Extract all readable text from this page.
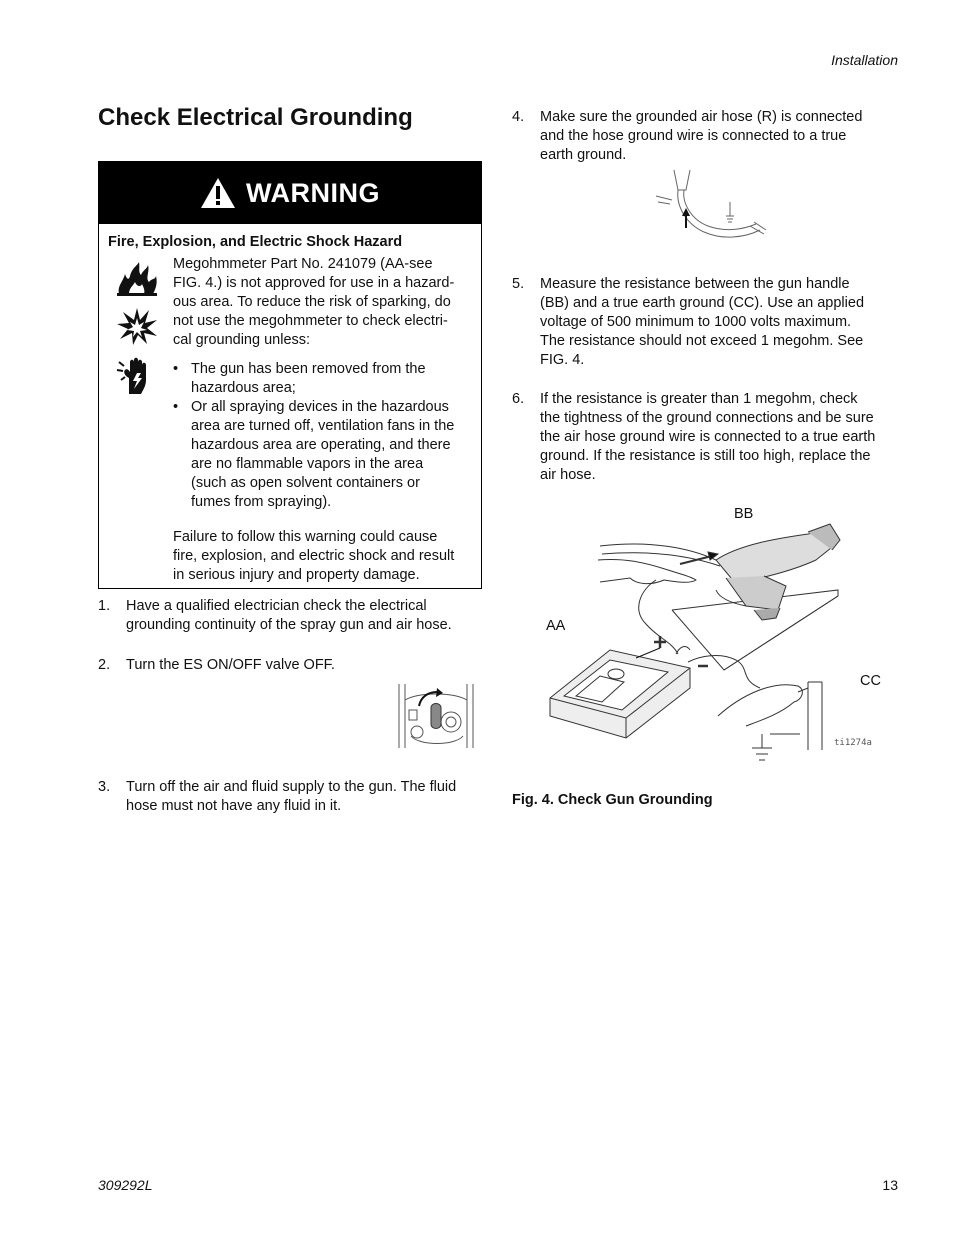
Installation
309292L	13
Check Electrical Grounding
WARNING
Fire, Explosion, and Electric Shock Hazard

Megohmmeter Part No. 241079 (AA-see
FIG. 4.) is not approved for use in a hazard-
ous area. To reduce the risk of sparking, do
not use the megohmmeter to check electri-
cal grounding unless:

• The gun has been removed from the
hazardous area;
• Or all spraying devices in the hazardous
area are turned off, ventilation fans in the
hazardous area are operating, and there
are no flammable vapors in the area
(such as open solvent containers or
fumes from spraying).

Failure to follow this warning could cause
fire, explosion, and electric shock and result
in serious injury and property damage.

1. Have a qualified electrician check the electrical
grounding continuity of the spray gun and air hose.
2. Turn the ES ON/OFF valve OFF.
3. Turn off the air and fluid supply to the gun. The fluid
hose must not have any fluid in it.
4. Make sure the grounded air hose (R) is connected
and the hose ground wire is connected to a true
earth ground.
5. Measure the resistance between the gun handle
(BB) and a true earth ground (CC). Use an applied
voltage of 500 minimum to 1000 volts maximum.
The resistance should not exceed 1 megohm. See
FIG. 4.
6. If the resistance is greater than 1 megohm, check
the tightness of the ground connections and be sure
the air hose ground wire is connected to a true earth
ground. If the resistance is still too high, replace the
air hose.
BB
AA
CC
ti1274a
Fig. 4. Check Gun Grounding
